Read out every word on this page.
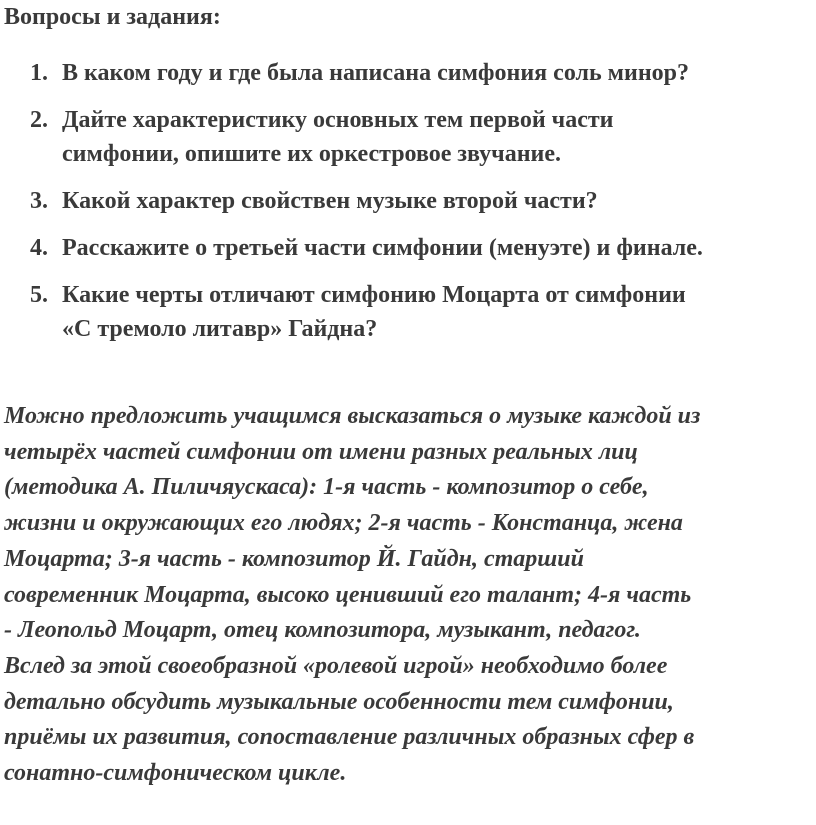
Вопросы и задания:
1. В каком году и где была написана симфония соль минор?
2. Дайте характеристику основных тем первой части
симфонии, опишите их оркестровое звучание.
3. Какой характер свойствен музыке второй части?
4. Расскажите о третьей части симфонии (менуэте) и финале.
5. Какие черты отличают симфонию Моцарта от симфонии
«С тремоло литавр» Гайдна?
Можно предложить учащимся высказаться о музыке каждой из
четырёх частей симфонии от имени разных реальных лиц
(методика А. Пиличяускаса): 1-я часть - композитор о себе,
жизни и окружающих его людях; 2-я часть - Констанца, жена
Моцарта; 3-я часть - композитор Й. Гайдн, старший
современник Моцарта, высоко ценивший его талант; 4-я часть
- Леопольд Моцарт, отец композитора, музыкант, педагог.
Вслед за этой своеобразной «ролевой игрой» необходимо более
детально обсудить музыкальные особенности тем симфонии,
приёмы их развития, сопоставление различных образных сфер в
сонатно-симфоническом цикле.
